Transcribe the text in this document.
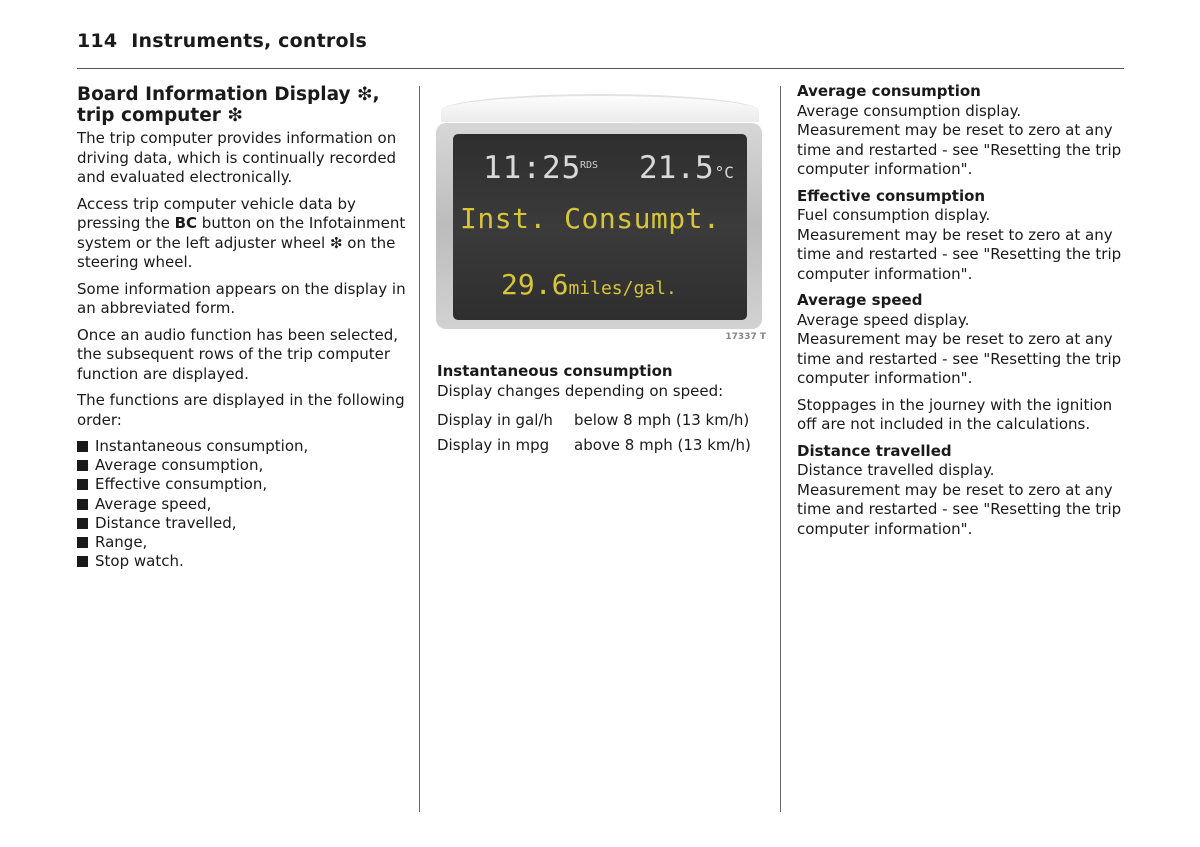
114 Instruments, controls
Board Information Display ❇,
trip computer ❇

The trip computer provides information on driving data, which is continually recorded and evaluated electronically.

Access trip computer vehicle data by pressing the BC button on the Infotainment system or the left adjuster wheel ❇ on the steering wheel.

Some information appears on the display in an abbreviated form.

Once an audio function has been selected, the subsequent rows of the trip computer function are displayed.

The functions are displayed in the following order:

Instantaneous consumption,
Average consumption,
Effective consumption,
Average speed,
Distance travelled,
Range,
Stop watch.
11:25
RDS 21.5°C
Inst. Consumpt.
29.6miles/gal.
17337 T
Instantaneous consumption
Display changes depending on speed:
Display in gal/h	below 8 mph (13 km/h)
Display in mpg	above 8 mph (13 km/h)
Average consumption
Average consumption display.

Measurement may be reset to zero at any time and restarted - see "Resetting the trip computer information".

Effective consumption
Fuel consumption display.

Measurement may be reset to zero at any time and restarted - see "Resetting the trip computer information".

Average speed
Average speed display.

Measurement may be reset to zero at any time and restarted - see "Resetting the trip computer information".

Stoppages in the journey with the ignition off are not included in the calculations.

Distance travelled
Distance travelled display.

Measurement may be reset to zero at any time and restarted - see "Resetting the trip computer information".
